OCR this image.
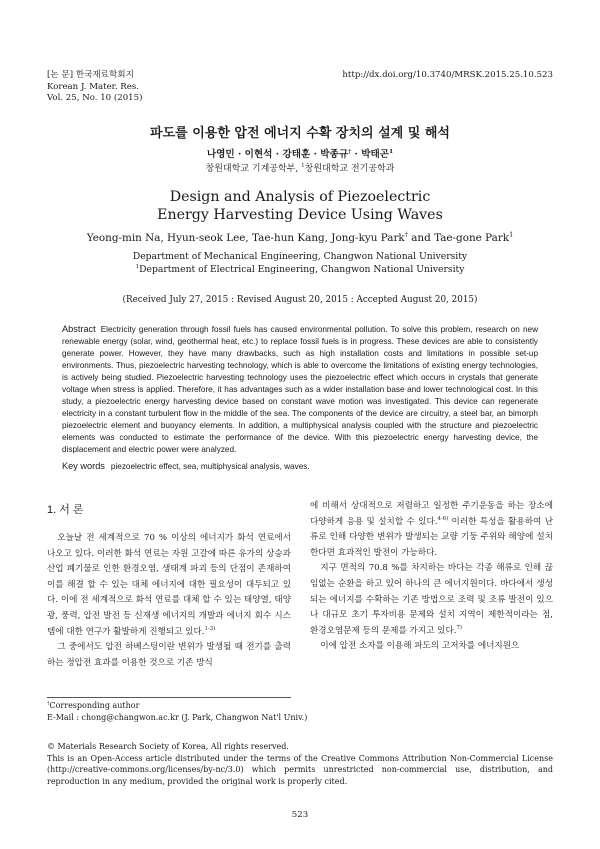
[논 문] 한국재료학회지
Korean J. Mater. Res.
Vol. 25, No. 10 (2015)
http://dx.doi.org/10.3740/MRSK.2015.25.10.523
파도를 이용한 압전 에너지 수확 장치의 설계 및 해석
나영민 · 이현석 · 강태훈 · 박종규† · 박태곤$^1$
창원대학교 기계공학부, $^1$창원대학교 전기공학과
Design and Analysis of Piezoelectric
Energy Harvesting Device Using Waves
Yeong-min Na, Hyun-seok Lee, Tae-hun Kang, Jong-kyu Park† and Tae-gone Park$^1$
Department of Mechanical Engineering, Changwon National University
$^1$Department of Electrical Engineering, Changwon National University
(Received July 27, 2015 : Revised August 20, 2015 : Accepted August 20, 2015)
Abstract Electricity generation through fossil fuels has caused environmental pollution. To solve this problem, research on new renewable energy (solar, wind, geothermal heat, etc.) to replace fossil fuels is in progress. These devices are able to consistently generate power. However, they have many drawbacks, such as high installation costs and limitations in possible set-up environments. Thus, piezoelectric harvesting technology, which is able to overcome the limitations of existing energy technologies, is actively being studied. Piezoelectric harvesting technology uses the piezoelectric effect which occurs in crystals that generate voltage when stress is applied. Therefore, it has advantages such as a wider installation base and lower technological cost. In this study, a piezoelectric energy harvesting device based on constant wave motion was investigated. This device can regenerate electricity in a constant turbulent flow in the middle of the sea. The components of the device are circuitry, a steel bar, an bimorph piezoelectric element and buoyancy elements. In addition, a multiphysical analysis coupled with the structure and piezoelectric elements was conducted to estimate the performance of the device. With this piezoelectric energy harvesting device, the displacement and electric power were analyzed.
Key words piezoelectric effect, sea, multiphysical analysis, waves.
1. 서 론

오늘날 전 세계적으로 70 % 이상의 에너지가 화석 연료에서 나오고 있다. 이러한 화석 연료는 자원 고갈에 따른 유가의 상승과 산업 폐기물로 인한 환경오염, 생태계 파괴 등의 단점이 존재하여 이를 해결 할 수 있는 대체 에너지에 대한 필요성이 대두되고 있다. 이에 전 세계적으로 화석 연료를 대체 할 수 있는 태양열, 태양광, 풍력, 압전 발전 등 신재생 에너지의 개발과 에너지 회수 시스템에 대한 연구가 활발하게 진행되고 있다.$^{1-3)}$

그 중에서도 압전 하베스팅이란 변위가 발생될 때 전기를 출력하는 정압전 효과를 이용한 것으로 기존 방식

에 비해서 상대적으로 저렴하고 일정한 주기운동을 하는 장소에 다양하게 응용 및 설치할 수 있다.$^{4-6)}$ 이러한 특성을 활용하여 난류로 인해 다양한 변위가 발생되는 교량 기둥 주위와 해양에 설치한다면 효과적인 발전이 가능하다.

지구 면적의 70.8 %를 차지하는 바다는 각종 해류로 인해 끊임없는 순환을 하고 있어 하나의 큰 에너지원이다. 바다에서 생성되는 에너지를 수확하는 기존 방법으로 조력 및 조류 발전이 있으나 대규모 초기 투자비용 문제와 설치 지역이 제한적이라는 점, 환경오염문제 등의 문제를 가지고 있다.$^{7)}$

이에 압전 소자를 이용해 파도의 고저차를 에너지원으

†Corresponding author
E-Mail : chong@changwon.ac.kr (J. Park, Changwon Nat'l Univ.)
© Materials Research Society of Korea, All rights reserved.
This is an Open-Access article distributed under the terms of the Creative Commons Attribution Non-Commercial License (http://creative-commons.org/licenses/by-nc/3.0) which permits unrestricted non-commercial use, distribution, and reproduction in any medium, provided the original work is properly cited.
523
